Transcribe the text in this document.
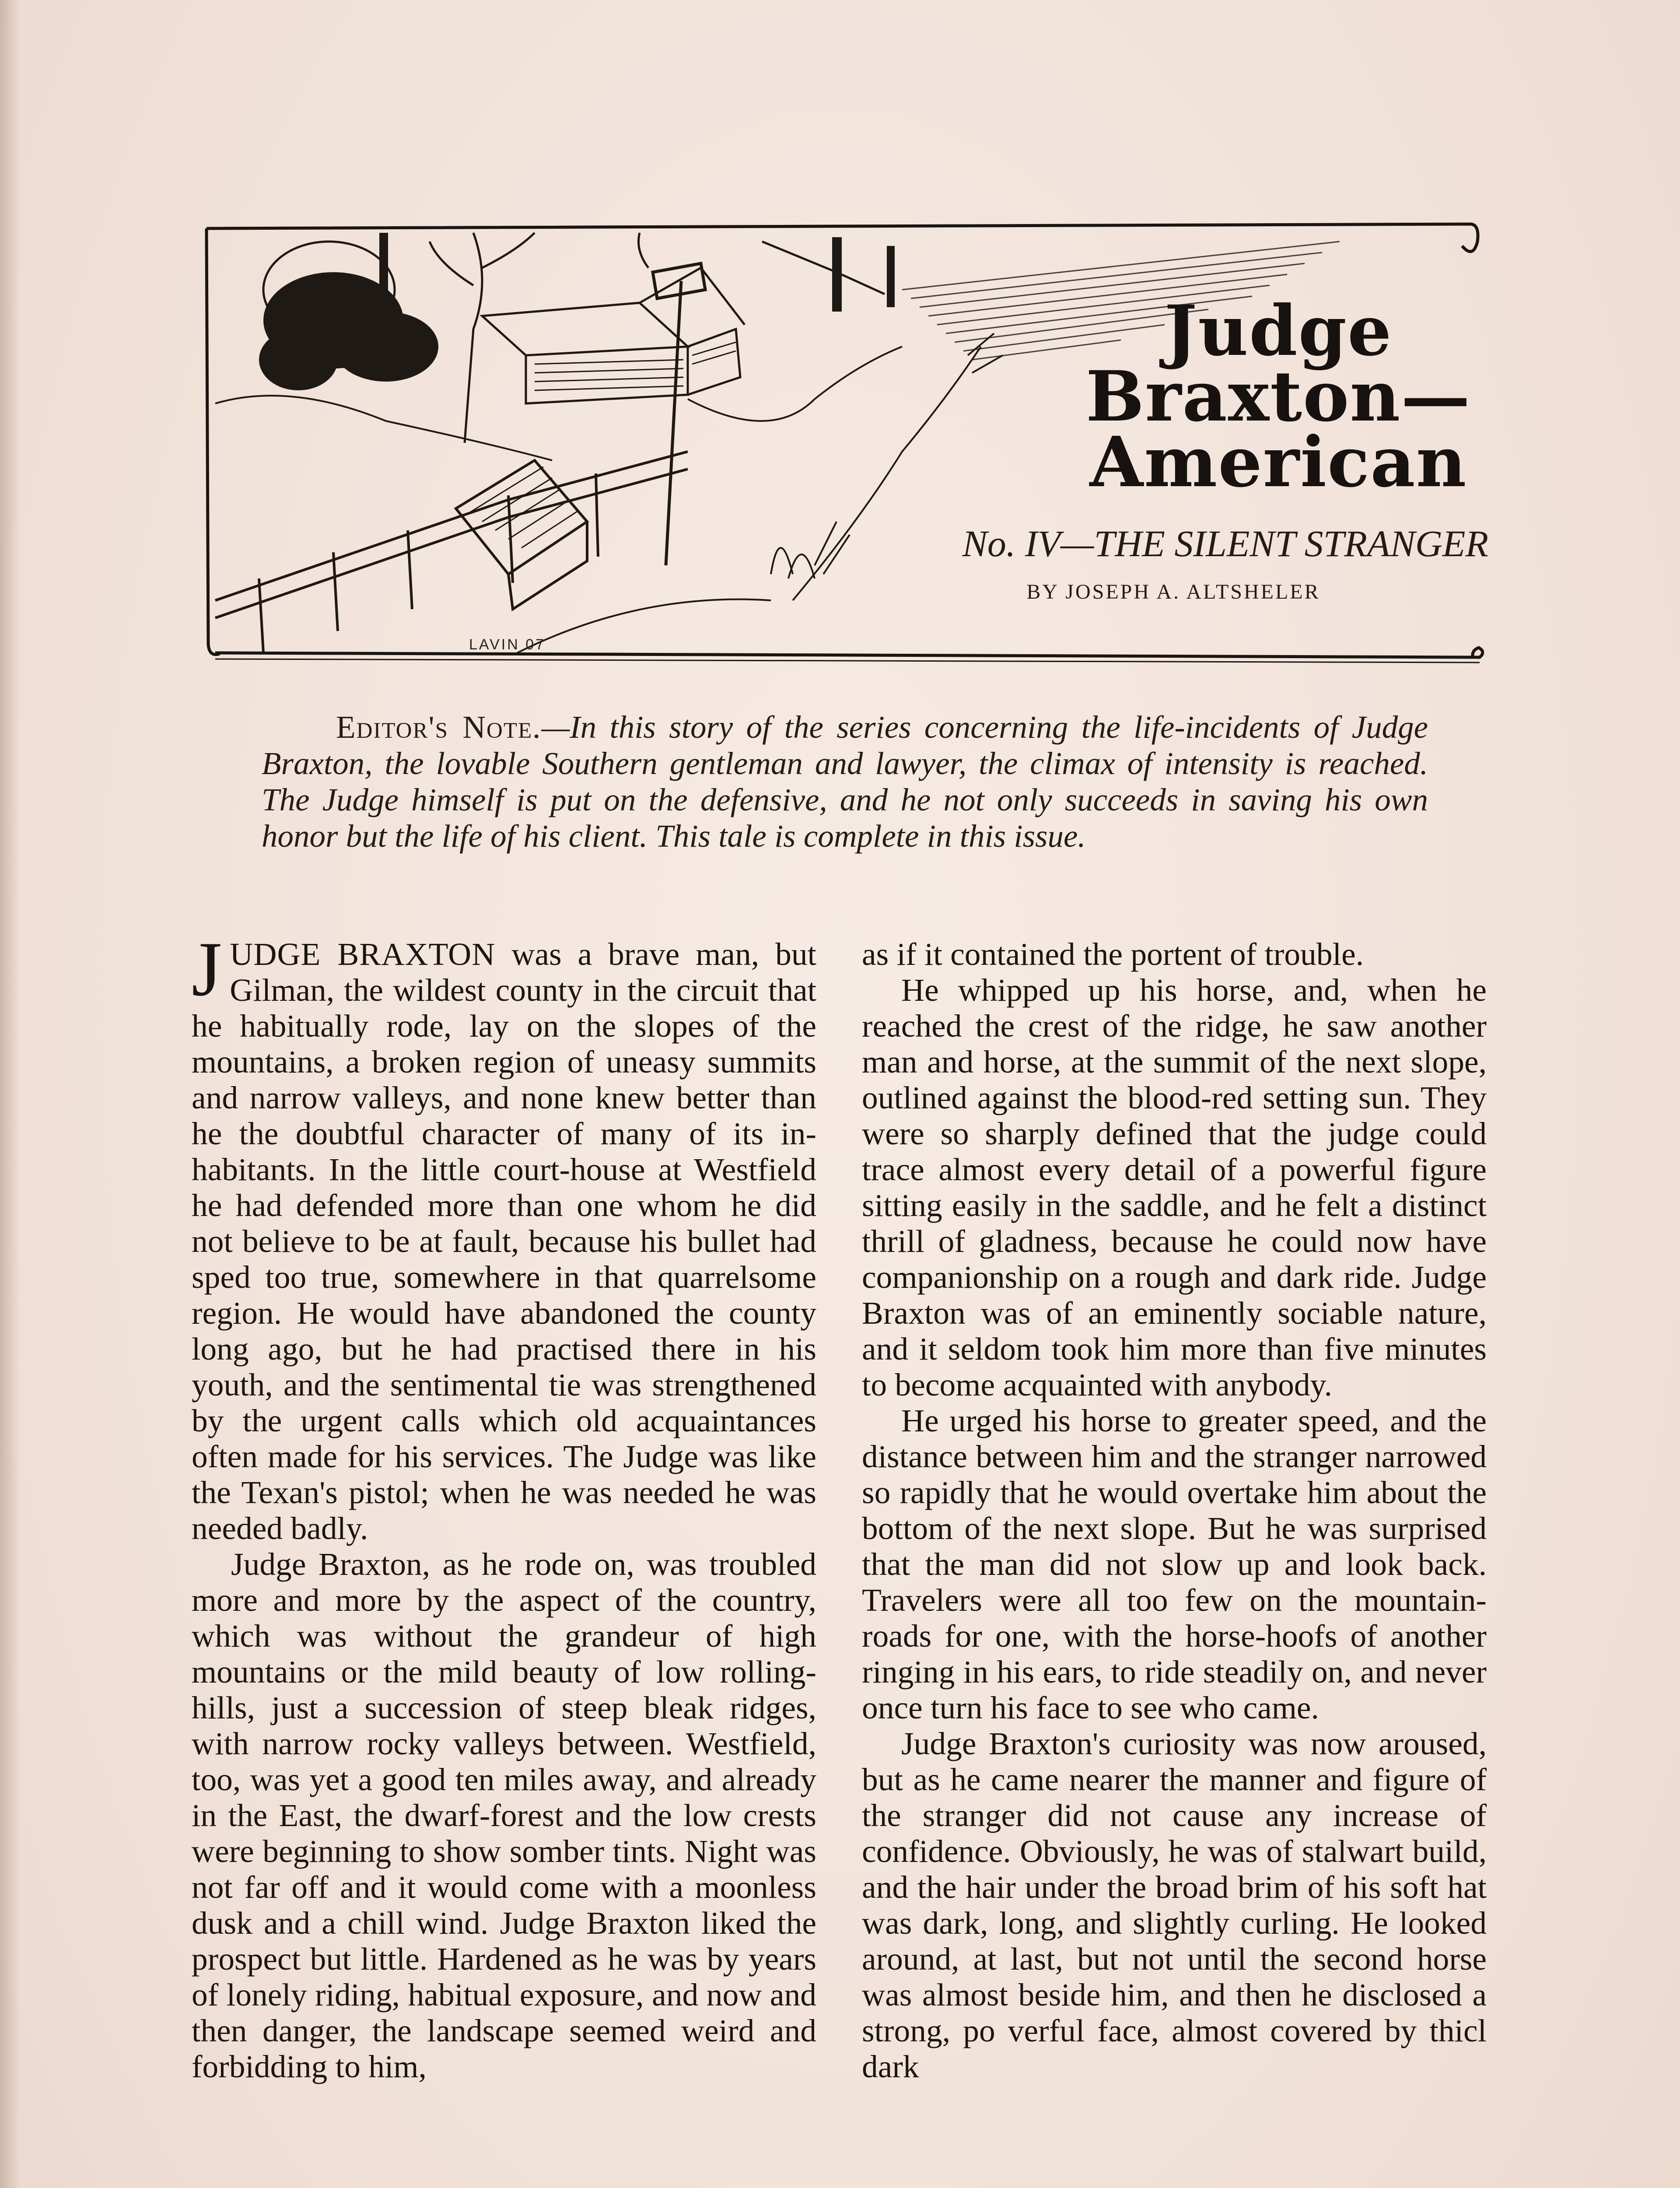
Judge
Braxton—
American
No. IV—THE SILENT STRANGER
BY JOSEPH A. ALTSHELER
LAVIN 07
Editor's Note.—In this story of the series concerning the life-incidents of Judge Braxton, the lovable Southern gentleman and lawyer, the climax of intensity is reached. The Judge himself is put on the defensive, and he not only succeeds in saving his own honor but the life of his client. This tale is complete in this issue.

JUDGE BRAXTON was a brave man, but Gilman, the wildest county in the circuit that he habitually rode, lay on the slopes of the mountains, a broken region of uneasy summits and narrow valleys, and none knew better than he the doubtful character of many of its inhabitants. In the little court-house at Westfield he had defended more than one whom he did not believe to be at fault, because his bullet had sped too true, somewhere in that quarrelsome region. He would have abandoned the county long ago, but he had practised there in his youth, and the sentimental tie was strengthened by the urgent calls which old acquaintances often made for his services. The Judge was like the Texan's pistol; when he was needed he was needed badly.

Judge Braxton, as he rode on, was troubled more and more by the aspect of the country, which was without the grandeur of high mountains or the mild beauty of low rolling-hills, just a succession of steep bleak ridges, with narrow rocky valleys between. Westfield, too, was yet a good ten miles away, and already in the East, the dwarf-forest and the low crests were beginning to show somber tints. Night was not far off and it would come with a moonless dusk and a chill wind. Judge Braxton liked the prospect but little. Hardened as he was by years of lonely riding, habitual exposure, and now and then danger, the landscape seemed weird and forbidding to him,

as if it contained the portent of trouble.

He whipped up his horse, and, when he reached the crest of the ridge, he saw another man and horse, at the summit of the next slope, outlined against the blood-red setting sun. They were so sharply defined that the judge could trace almost every detail of a powerful figure sitting easily in the saddle, and he felt a distinct thrill of gladness, because he could now have companionship on a rough and dark ride. Judge Braxton was of an eminently sociable nature, and it seldom took him more than five minutes to become acquainted with anybody.

He urged his horse to greater speed, and the distance between him and the stranger narrowed so rapidly that he would overtake him about the bottom of the next slope. But he was surprised that the man did not slow up and look back. Travelers were all too few on the mountain-roads for one, with the horse-hoofs of another ringing in his ears, to ride steadily on, and never once turn his face to see who came.

Judge Braxton's curiosity was now aroused, but as he came nearer the manner and figure of the stranger did not cause any increase of confidence. Obviously, he was of stalwart build, and the hair under the broad brim of his soft hat was dark, long, and slightly curling. He looked around, at last, but not until the second horse was almost beside him, and then he disclosed a strong, po verful face, almost covered by thicl dark
